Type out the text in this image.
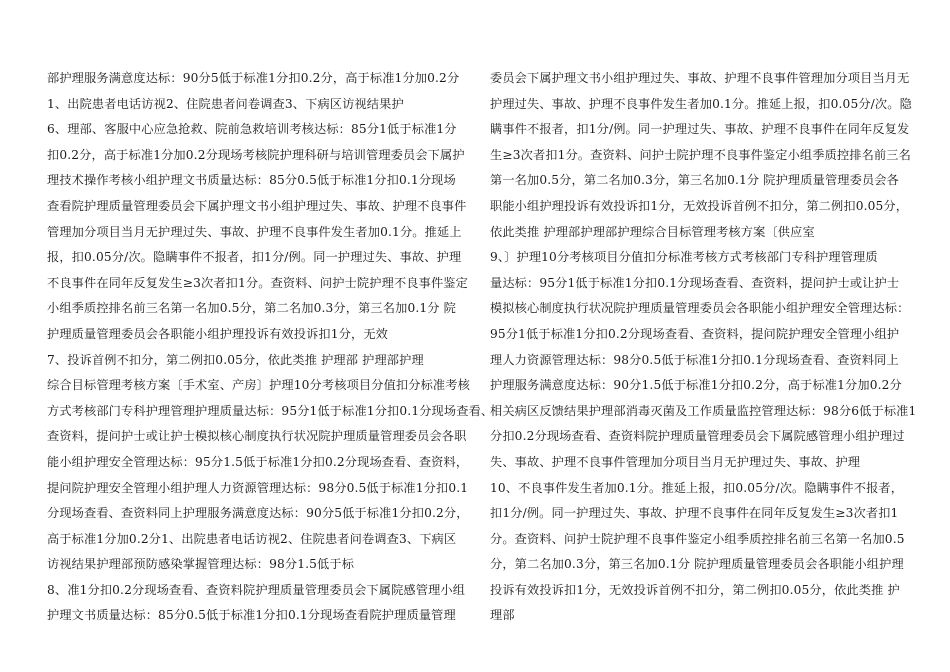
部护理服务满意度达标：90分5低于标准1分扣0.2分，高于标准1分加0.2分
1、出院患者电话访视2、住院患者问卷调查3、下病区访视结果护
6、理部、客服中心应急抢救、院前急救培训考核达标：85分1低于标准1分
扣0.2分，高于标准1分加0.2分现场考核院护理科研与培训管理委员会下属护
理技术操作考核小组护理文书质量达标：85分0.5低于标准1分扣0.1分现场
查看院护理质量管理委员会下属护理文书小组护理过失、事故、护理不良事件
管理加分项目当月无护理过失、事故、护理不良事件发生者加0.1分。推延上
报，扣0.05分/次。隐瞒事件不报者，扣1分/例。同一护理过失、事故、护理
不良事件在同年反复发生≥3次者扣1分。查资料、问护士院护理不良事件鉴定
小组季质控排名前三名第一名加0.5分，第二名加0.3分，第三名加0.1分 院
护理质量管理委员会各职能小组护理投诉有效投诉扣1分，无效
7、投诉首例不扣分，第二例扣0.05分，依此类推 护理部 护理部护理
综合目标管理考核方案〔手术室、产房〕护理10分考核项目分值扣分标准考核
方式考核部门专科护理管理护理质量达标：95分1低于标准1分扣0.1分现场查看、
查资料，提问护士或让护士模拟核心制度执行状况院护理质量管理委员会各职
能小组护理安全管理达标：95分1.5低于标准1分扣0.2分现场查看、查资料，
提问院护理安全管理小组护理人力资源管理达标：98分0.5低于标准1分扣0.1
分现场查看、查资料同上护理服务满意度达标：90分5低于标准1分扣0.2分，
高于标准1分加0.2分1、出院患者电话访视2、住院患者问卷调查3、下病区
访视结果护理部预防感染掌握管理达标：98分1.5低于标
8、准1分扣0.2分现场查看、查资料院护理质量管理委员会下属院感管理小组
护理文书质量达标：85分0.5低于标准1分扣0.1分现场查看院护理质量管理
委员会下属护理文书小组护理过失、事故、护理不良事件管理加分项目当月无
护理过失、事故、护理不良事件发生者加0.1分。推延上报，扣0.05分/次。隐
瞒事件不报者，扣1分/例。同一护理过失、事故、护理不良事件在同年反复发
生≥3次者扣1分。查资料、问护士院护理不良事件鉴定小组季质控排名前三名
第一名加0.5分，第二名加0.3分，第三名加0.1分 院护理质量管理委员会各
职能小组护理投诉有效投诉扣1分，无效投诉首例不扣分，第二例扣0.05分，
依此类推 护理部护理部护理综合目标管理考核方案〔供应室
9、〕护理10分考核项目分值扣分标准考核方式考核部门专科护理管理质
量达标：95分1低于标准1分扣0.1分现场查看、查资料，提问护士或让护士
模拟核心制度执行状况院护理质量管理委员会各职能小组护理安全管理达标：
95分1低于标准1分扣0.2分现场查看、查资料，提问院护理安全管理小组护
理人力资源管理达标：98分0.5低于标准1分扣0.1分现场查看、查资料同上
护理服务满意度达标：90分1.5低于标准1分扣0.2分，高于标准1分加0.2分
相关病区反馈结果护理部消毒灭菌及工作质量监控管理达标：98分6低于标准1
分扣0.2分现场查看、查资料院护理质量管理委员会下属院感管理小组护理过
失、事故、护理不良事件管理加分项目当月无护理过失、事故、护理
10、不良事件发生者加0.1分。推延上报，扣0.05分/次。隐瞒事件不报者，
扣1分/例。同一护理过失、事故、护理不良事件在同年反复发生≥3次者扣1
分。查资料、问护士院护理不良事件鉴定小组季质控排名前三名第一名加0.5
分，第二名加0.3分，第三名加0.1分 院护理质量管理委员会各职能小组护理
投诉有效投诉扣1分，无效投诉首例不扣分，第二例扣0.05分，依此类推 护
理部
